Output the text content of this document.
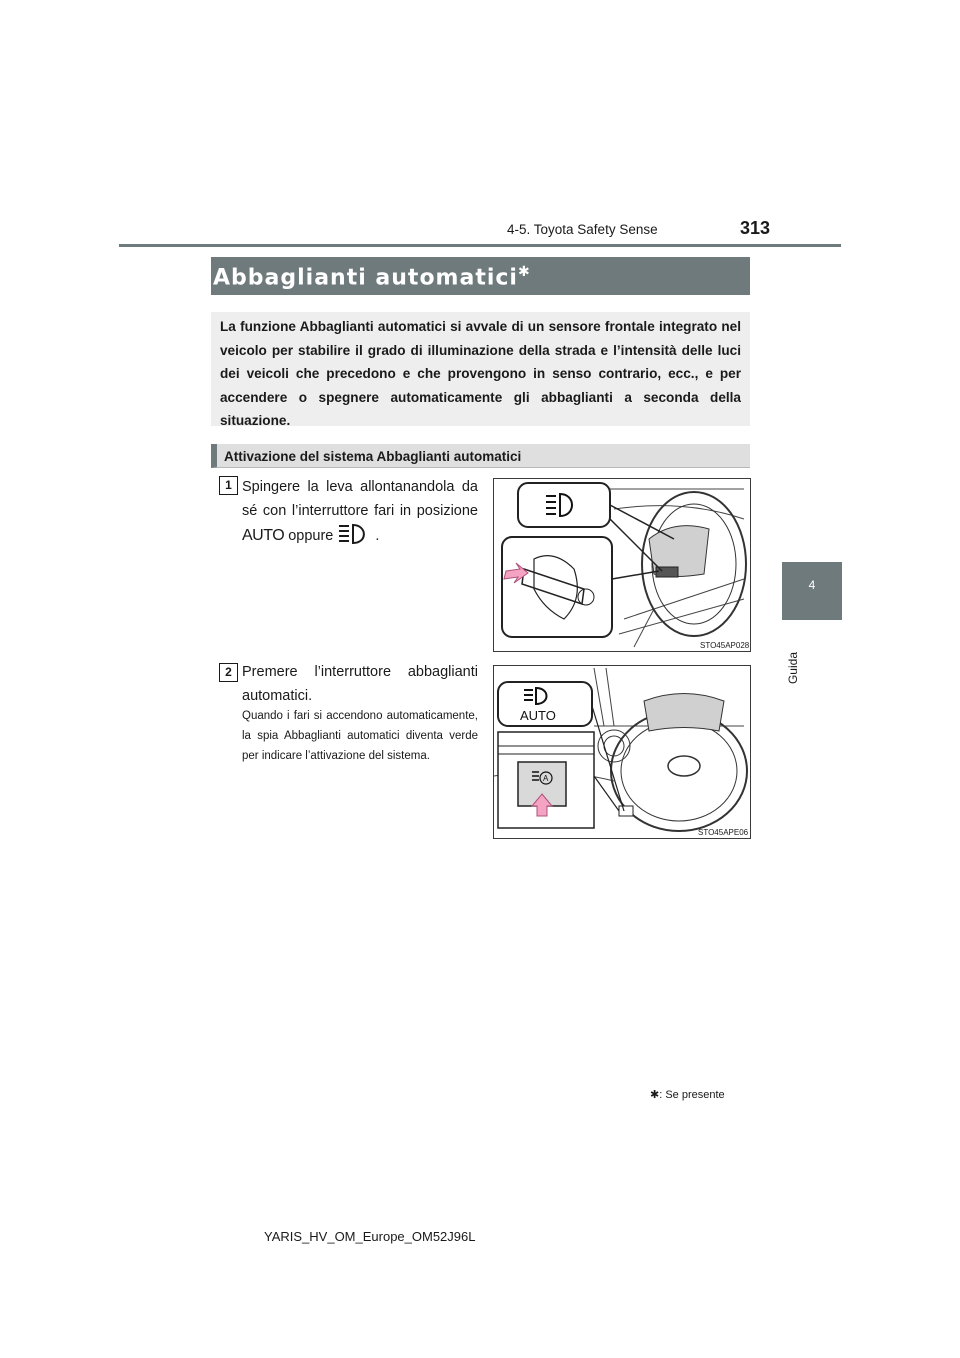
4-5. Toyota Safety Sense	313
4
Guida
Abbaglianti automatici✱
La funzione Abbaglianti automatici si avvale di un sensore frontale integrato nel veicolo per stabilire il grado di illuminazione della strada e l’intensità delle luci dei veicoli che precedono e che provengono in senso contrario, ecc., e per accendere o spegnere automaticamente gli abbaglianti a seconda della situazione.
Attivazione del sistema Abbaglianti automatici
1 Spingere la leva allontanandola da sé con l’interruttore fari in posizione AUTO oppure	.
STO45AP028
2 Premere l’interruttore abbaglianti automatici.
Quando i fari si accendono automaticamente, la spia Abbaglianti automatici diventa verde per indicare l’attivazione del sistema.
AUTO
A
STO45APE06
✱: Se presente
YARIS_HV_OM_Europe_OM52J96L
